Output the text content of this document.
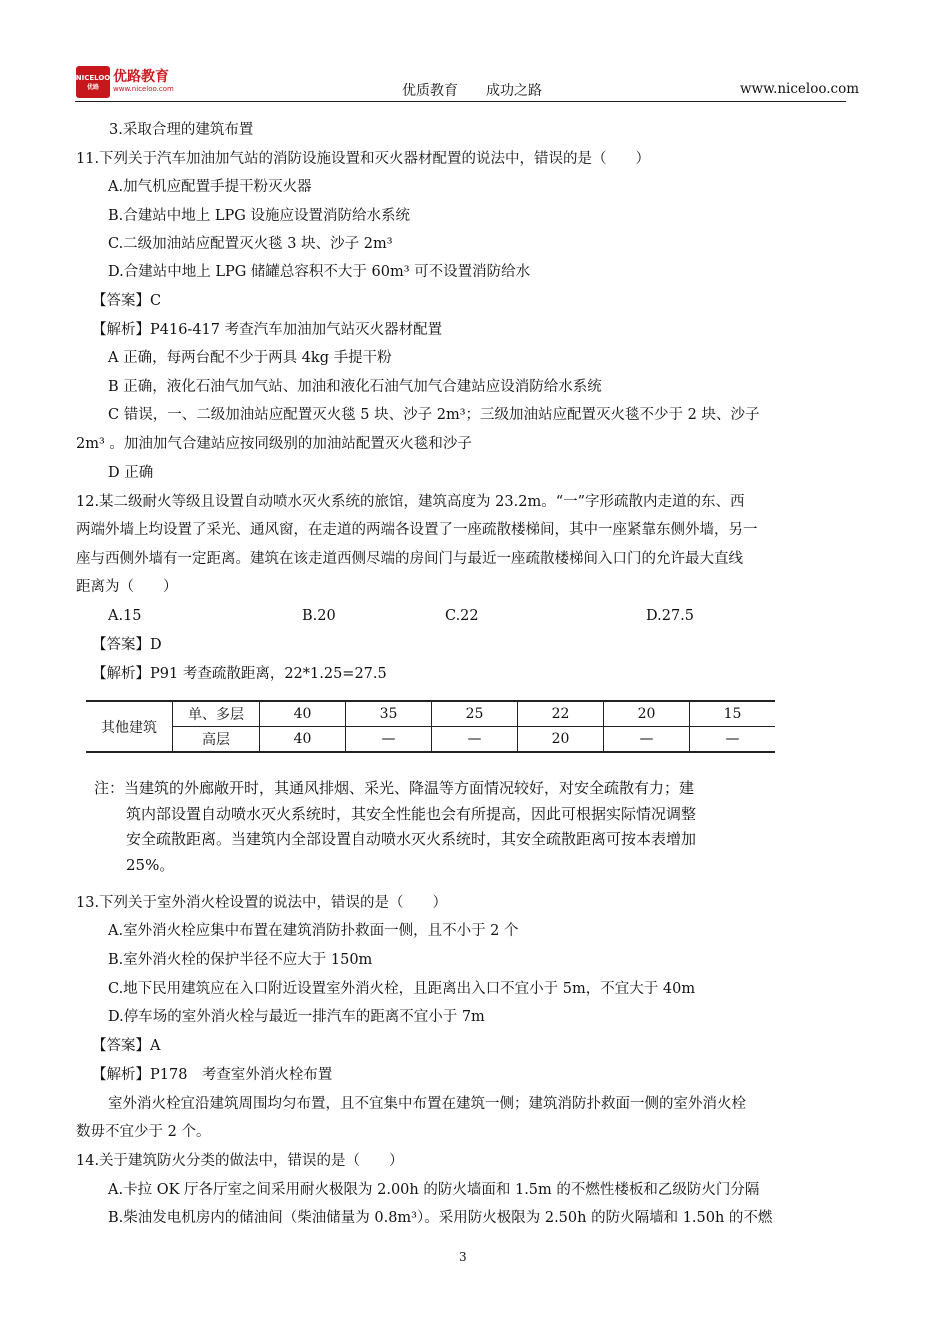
NICELOO
优路
优路教育
www.niceloo.com	优质教育　　成功之路	www.niceloo.com
3.采取合理的建筑布置
11.下列关于汽车加油加气站的消防设施设置和灭火器材配置的说法中，错误的是（　　）
A.加气机应配置手提干粉灭火器
B.合建站中地上 LPG 设施应设置消防给水系统
C.二级加油站应配置灭火毯 3 块、沙子 2m³
D.合建站中地上 LPG 储罐总容积不大于 60m³ 可不设置消防给水
【答案】C
【解析】P416-417 考查汽车加油加气站灭火器材配置
A 正确，每两台配不少于两具 4kg 手提干粉
B 正确，液化石油气加气站、加油和液化石油气加气合建站应设消防给水系统
C 错误，一、二级加油站应配置灭火毯 5 块、沙子 2m³；三级加油站应配置灭火毯不少于 2 块、沙子
2m³ 。加油加气合建站应按同级别的加油站配置灭火毯和沙子
D 正确
12.某二级耐火等级且设置自动喷水灭火系统的旅馆，建筑高度为 23.2m。“一”字形疏散内走道的东、西
两端外墙上均设置了采光、通风窗，在走道的两端各设置了一座疏散楼梯间，其中一座紧靠东侧外墙，另一
座与西侧外墙有一定距离。建筑在该走道西侧尽端的房间门与最近一座疏散楼梯间入口门的允许最大直线
距离为（　　）
【答案】D
【解析】P91 考查疏散距离，22*1.25=27.5
13.下列关于室外消火栓设置的说法中，错误的是（　　）
A.室外消火栓应集中布置在建筑消防扑救面一侧，且不小于 2 个
B.室外消火栓的保护半径不应大于 150m
C.地下民用建筑应在入口附近设置室外消火栓，且距离出入口不宜小于 5m，不宜大于 40m
D.停车场的室外消火栓与最近一排汽车的距离不宜小于 7m
【答案】A
【解析】P178　考查室外消火栓布置
室外消火栓宜沿建筑周围均匀布置，且不宜集中布置在建筑一侧；建筑消防扑救面一侧的室外消火栓
数毋不宜少于 2 个。
14.关于建筑防火分类的做法中，错误的是（　　）
A.卡拉 OK 厅各厅室之间采用耐火极限为 2.00h 的防火墙面和 1.5m 的不燃性楼板和乙级防火门分隔
B.柴油发电机房内的储油间（柴油储量为 0.8m³）。采用防火极限为 2.50h 的防火隔墙和 1.50h 的不燃
A.15	B.20	C.22	D.27.5
其他建筑	单、多层	40	35	25	22	20	15
	高层	40	—	—	20	—	—
注：当建筑的外廊敞开时，其通风排烟、采光、降温等方面情况较好，对安全疏散有力；建
筑内部设置自动喷水灭火系统时，其安全性能也会有所提高，因此可根据实际情况调整
安全疏散距离。当建筑内全部设置自动喷水灭火系统时，其安全疏散距离可按本表增加
25%。
3
